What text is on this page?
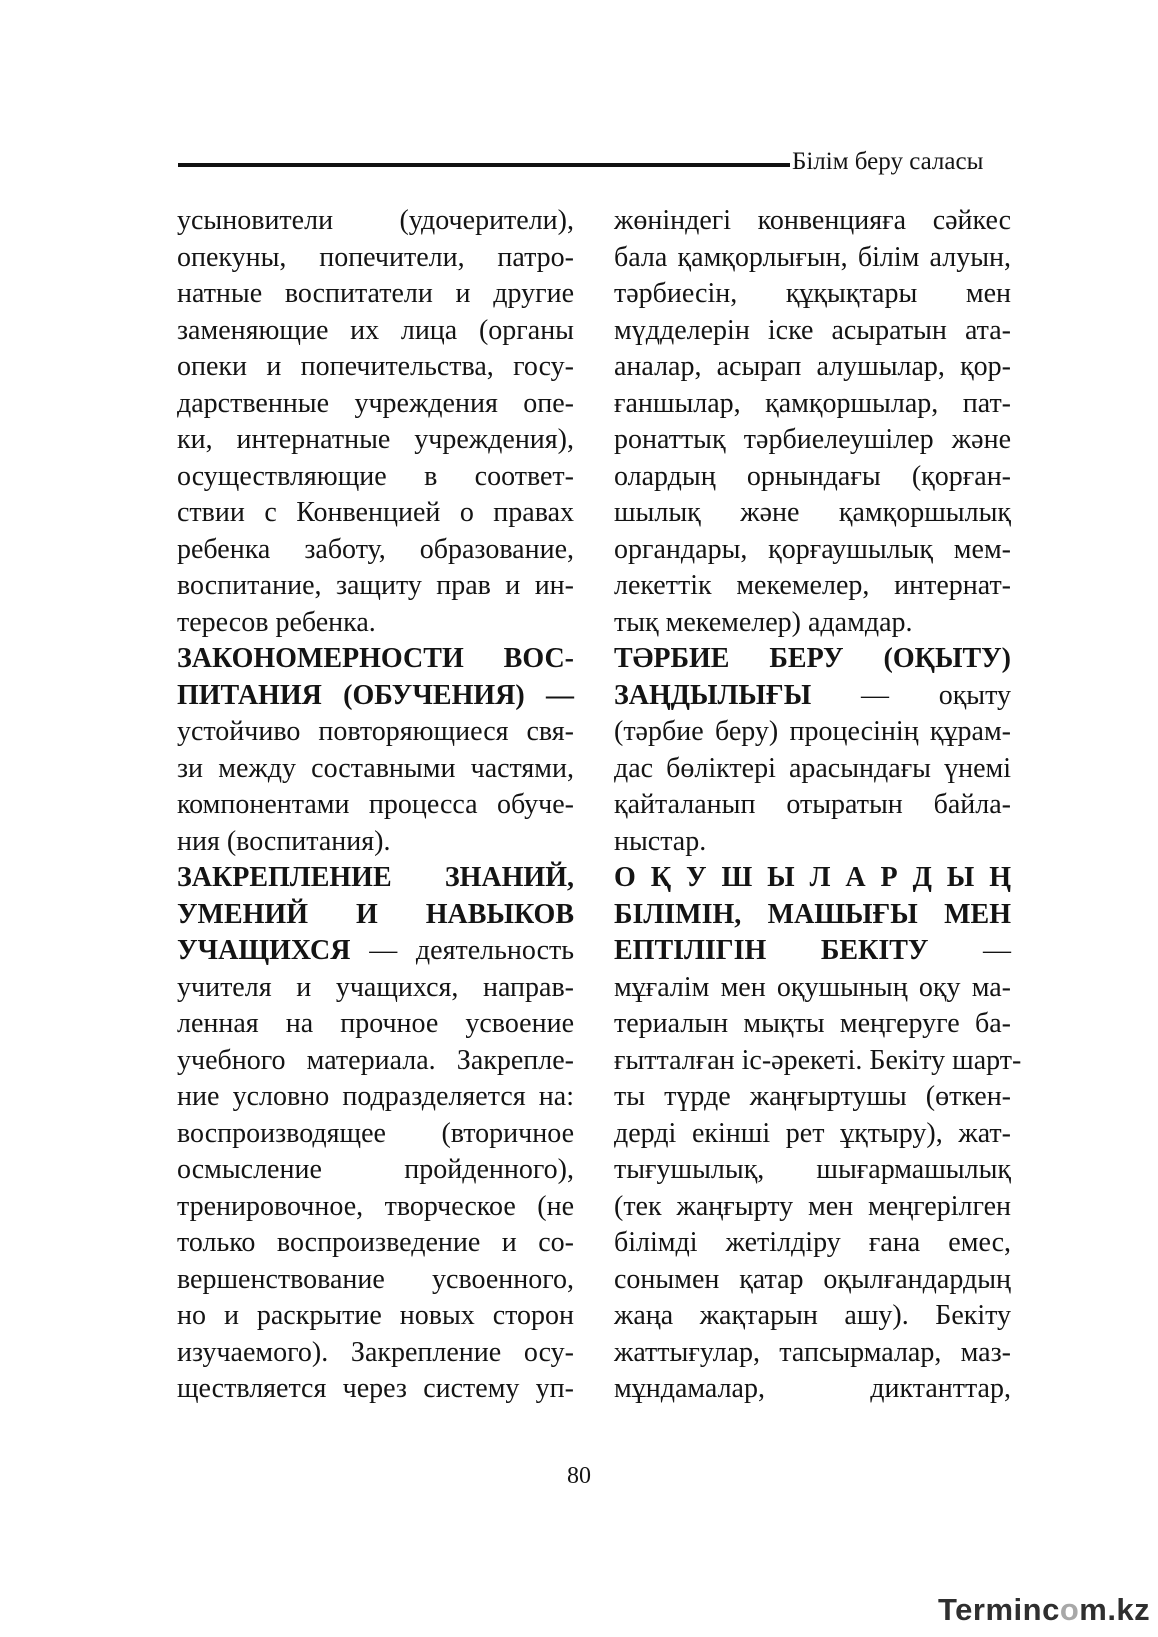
Білім беру саласы
усыновители (удочерители),
опекуны, попечители, патро-
натные воспитатели и другие
заменяющие их лица (органы
опеки и попечительства, госу-
дарственные учреждения опе-
ки, интернатные учреждения),
осуществляющие в соответ-
ствии с Конвенцией о правах
ребенка заботу, образование,
воспитание, защиту прав и ин-
тересов ребенка.
ЗАКОНОМЕРНОСТИ ВОС-
ПИТАНИЯ (ОБУЧЕНИЯ) —
устойчиво повторяющиеся свя-
зи между составными частями,
компонентами процесса обуче-
ния (воспитания).
ЗАКРЕПЛЕНИЕ ЗНАНИЙ,
УМЕНИЙ И НАВЫКОВ
УЧАЩИХСЯ — деятельность
учителя и учащихся, направ-
ленная на прочное усвоение
учебного материала. Закрепле-
ние условно подразделяется на:
воспроизводящее (вторичное
осмысление пройденного),
тренировочное, творческое (не
только воспроизведение и со-
вершенствование усвоенного,
но и раскрытие новых сторон
изучаемого). Закрепление осу-
ществляется через систему уп-
жөніндегі конвенцияға сәйкес
бала қамқорлығын, білім алуын,
тәрбиесін, құқықтары мен
мүдделерін іске асыратын ата-
аналар, асырап алушылар, қор-
ғаншылар, қамқоршылар, пат-
ронаттық тәрбиелеушілер және
олардың орнындағы (қорған-
шылық және қамқоршылық
органдары, қорғаушылық мем-
лекеттік мекемелер, интернат-
тық мекемелер) адамдар.
ТӘРБИЕ БЕРУ (ОҚЫТУ)
ЗАҢДЫЛЫҒЫ — оқыту
(тәрбие беру) процесінің құрам-
дас бөліктері арасындағы үнемі
қайталанып отыратын байла-
ныстар.
О Қ У Ш Ы Л А Р Д Ы Ң
БІЛІМІН, МАШЫҒЫ МЕН
ЕПТІЛІГІН БЕКІТУ —
мұғалім мен оқушының оқу ма-
териалын мықты меңгеруге ба-
ғытталған іс-әрекеті. Бекіту шарт-
ты түрде жаңғыртушы (өткен-
дерді екінші рет ұқтыру), жат-
тығушылық, шығармашылық
(тек жаңғырту мен меңгерілген
білімді жетілдіру ғана емес,
сонымен қатар оқылғандардың
жаңа жақтарын ашу). Бекіту
жаттығулар, тапсырмалар, маз-
мұндамалар, диктанттар,
80
Termincom.kz
